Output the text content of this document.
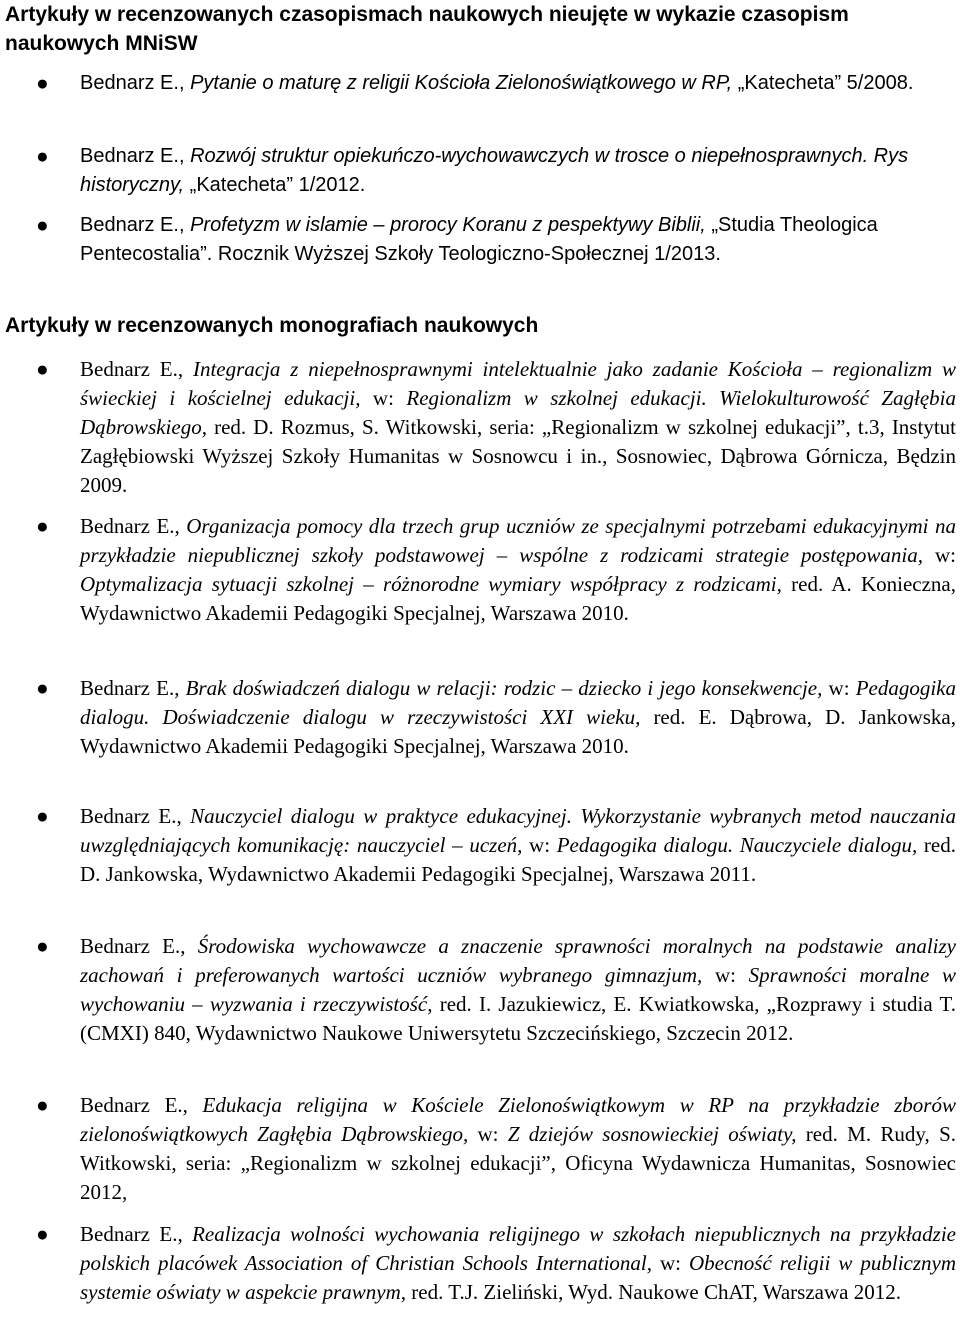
Artykuły w recenzowanych czasopismach naukowych nieujęte w wykazie czasopism naukowych MNiSW
● Bednarz E., Pytanie o maturę z religii Kościoła Zielonoświątkowego w RP, „Katecheta” 5/2008.

● Bednarz E., Rozwój struktur opiekuńczo-wychowawczych w trosce o niepełnosprawnych. Rys historyczny, „Katecheta” 1/2012.

● Bednarz E., Profetyzm w islamie – prorocy Koranu z pespektywy Biblii, „Studia Theologica Pentecostalia”. Rocznik Wyższej Szkoły Teologiczno-Społecznej 1/2013.

Artykuły w recenzowanych monografiach naukowych
● Bednarz E., Integracja z niepełnosprawnymi intelektualnie jako zadanie Kościoła – regionalizm w świeckiej i kościelnej edukacji, w: Regionalizm w szkolnej edukacji. Wielokulturowość Zagłębia Dąbrowskiego, red. D. Rozmus, S. Witkowski, seria: „Regionalizm w szkolnej edukacji”, t.3, Instytut Zagłębiowski Wyższej Szkoły Humanitas w Sosnowcu i in., Sosnowiec, Dąbrowa Górnicza, Będzin 2009.

● Bednarz E., Organizacja pomocy dla trzech grup uczniów ze specjalnymi potrzebami edukacyjnymi na przykładzie niepublicznej szkoły podstawowej – wspólne z rodzicami strategie postępowania, w: Optymalizacja sytuacji szkolnej – różnorodne wymiary współpracy z rodzicami, red. A. Konieczna, Wydawnictwo Akademii Pedagogiki Specjalnej, Warszawa 2010.

● Bednarz E., Brak doświadczeń dialogu w relacji: rodzic – dziecko i jego konsekwencje, w: Pedagogika dialogu. Doświadczenie dialogu w rzeczywistości XXI wieku, red. E. Dąbrowa, D. Jankowska, Wydawnictwo Akademii Pedagogiki Specjalnej, Warszawa 2010.

● Bednarz E., Nauczyciel dialogu w praktyce edukacyjnej. Wykorzystanie wybranych metod nauczania uwzględniających komunikację: nauczyciel – uczeń, w: Pedagogika dialogu. Nauczyciele dialogu, red. D. Jankowska, Wydawnictwo Akademii Pedagogiki Specjalnej, Warszawa 2011.

● Bednarz E., Środowiska wychowawcze a znaczenie sprawności moralnych na podstawie analizy zachowań i preferowanych wartości uczniów wybranego gimnazjum, w: Sprawności moralne w wychowaniu – wyzwania i rzeczywistość, red. I. Jazukiewicz, E. Kwiatkowska, „Rozprawy i studia T. (CMXI) 840, Wydawnictwo Naukowe Uniwersytetu Szczecińskiego, Szczecin 2012.

● Bednarz E., Edukacja religijna w Kościele Zielonoświątkowym w RP na przykładzie zborów zielonoświątkowych Zagłębia Dąbrowskiego, w: Z dziejów sosnowieckiej oświaty, red. M. Rudy, S. Witkowski, seria: „Regionalizm w szkolnej edukacji”, Oficyna Wydawnicza Humanitas, Sosnowiec 2012,

● Bednarz E., Realizacja wolności wychowania religijnego w szkołach niepublicznych na przykładzie polskich placówek Association of Christian Schools International, w: Obecność religii w publicznym systemie oświaty w aspekcie prawnym, red. T.J. Zieliński, Wyd. Naukowe ChAT, Warszawa 2012.
